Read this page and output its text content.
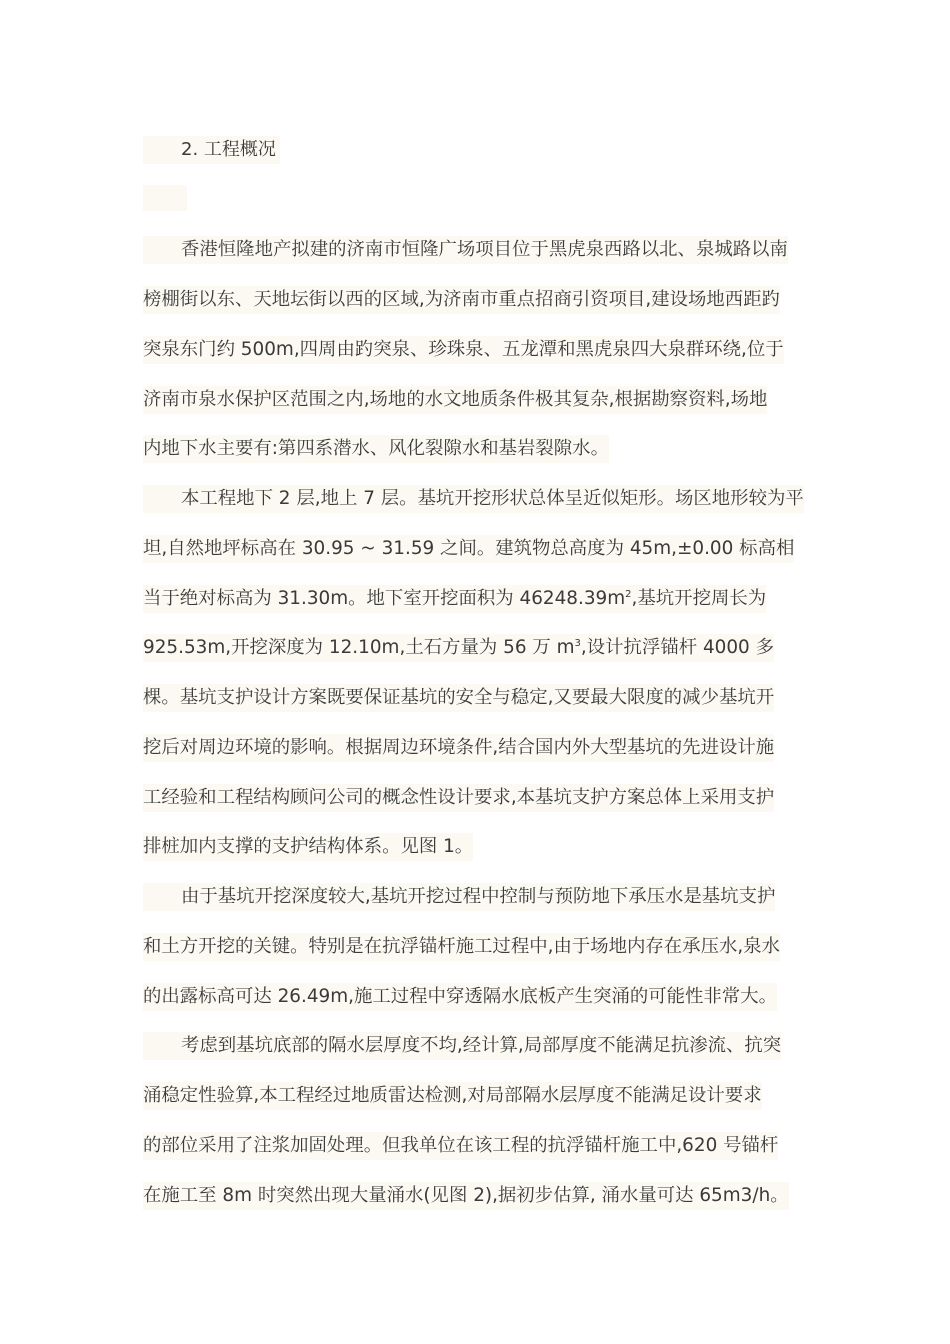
2. 工程概况
香港恒隆地产拟建的济南市恒隆广场项目位于黑虎泉西路以北、泉城路以南
榜棚街以东、天地坛街以西的区域,为济南市重点招商引资项目,建设场地西距趵
突泉东门约 500m,四周由趵突泉、珍珠泉、五龙潭和黑虎泉四大泉群环绕,位于
济南市泉水保护区范围之内,场地的水文地质条件极其复杂,根据勘察资料,场地
内地下水主要有:第四系潜水、风化裂隙水和基岩裂隙水。
本工程地下 2 层,地上 7 层。基坑开挖形状总体呈近似矩形。场区地形较为平
坦,自然地坪标高在 30.95 ~ 31.59 之间。建筑物总高度为 45m,±0.00 标高相
当于绝对标高为 31.30m。地下室开挖面积为 $46248.39m^2$,基坑开挖周长为
925.53m,开挖深度为 12.10m,土石方量为 56 万 $m^3$,设计抗浮锚杆 4000 多
棵。基坑支护设计方案既要保证基坑的安全与稳定,又要最大限度的减少基坑开
挖后对周边环境的影响。根据周边环境条件,结合国内外大型基坑的先进设计施
工经验和工程结构顾问公司的概念性设计要求,本基坑支护方案总体上采用支护
排桩加内支撑的支护结构体系。见图 1。
由于基坑开挖深度较大,基坑开挖过程中控制与预防地下承压水是基坑支护
和土方开挖的关键。特别是在抗浮锚杆施工过程中,由于场地内存在承压水,泉水
的出露标高可达 26.49m,施工过程中穿透隔水底板产生突涌的可能性非常大。
考虑到基坑底部的隔水层厚度不均,经计算,局部厚度不能满足抗渗流、抗突
涌稳定性验算,本工程经过地质雷达检测,对局部隔水层厚度不能满足设计要求
的部位采用了注浆加固处理。但我单位在该工程的抗浮锚杆施工中,620 号锚杆
在施工至 8m 时突然出现大量涌水(见图 2),据初步估算, 涌水量可达 65m3/h。
